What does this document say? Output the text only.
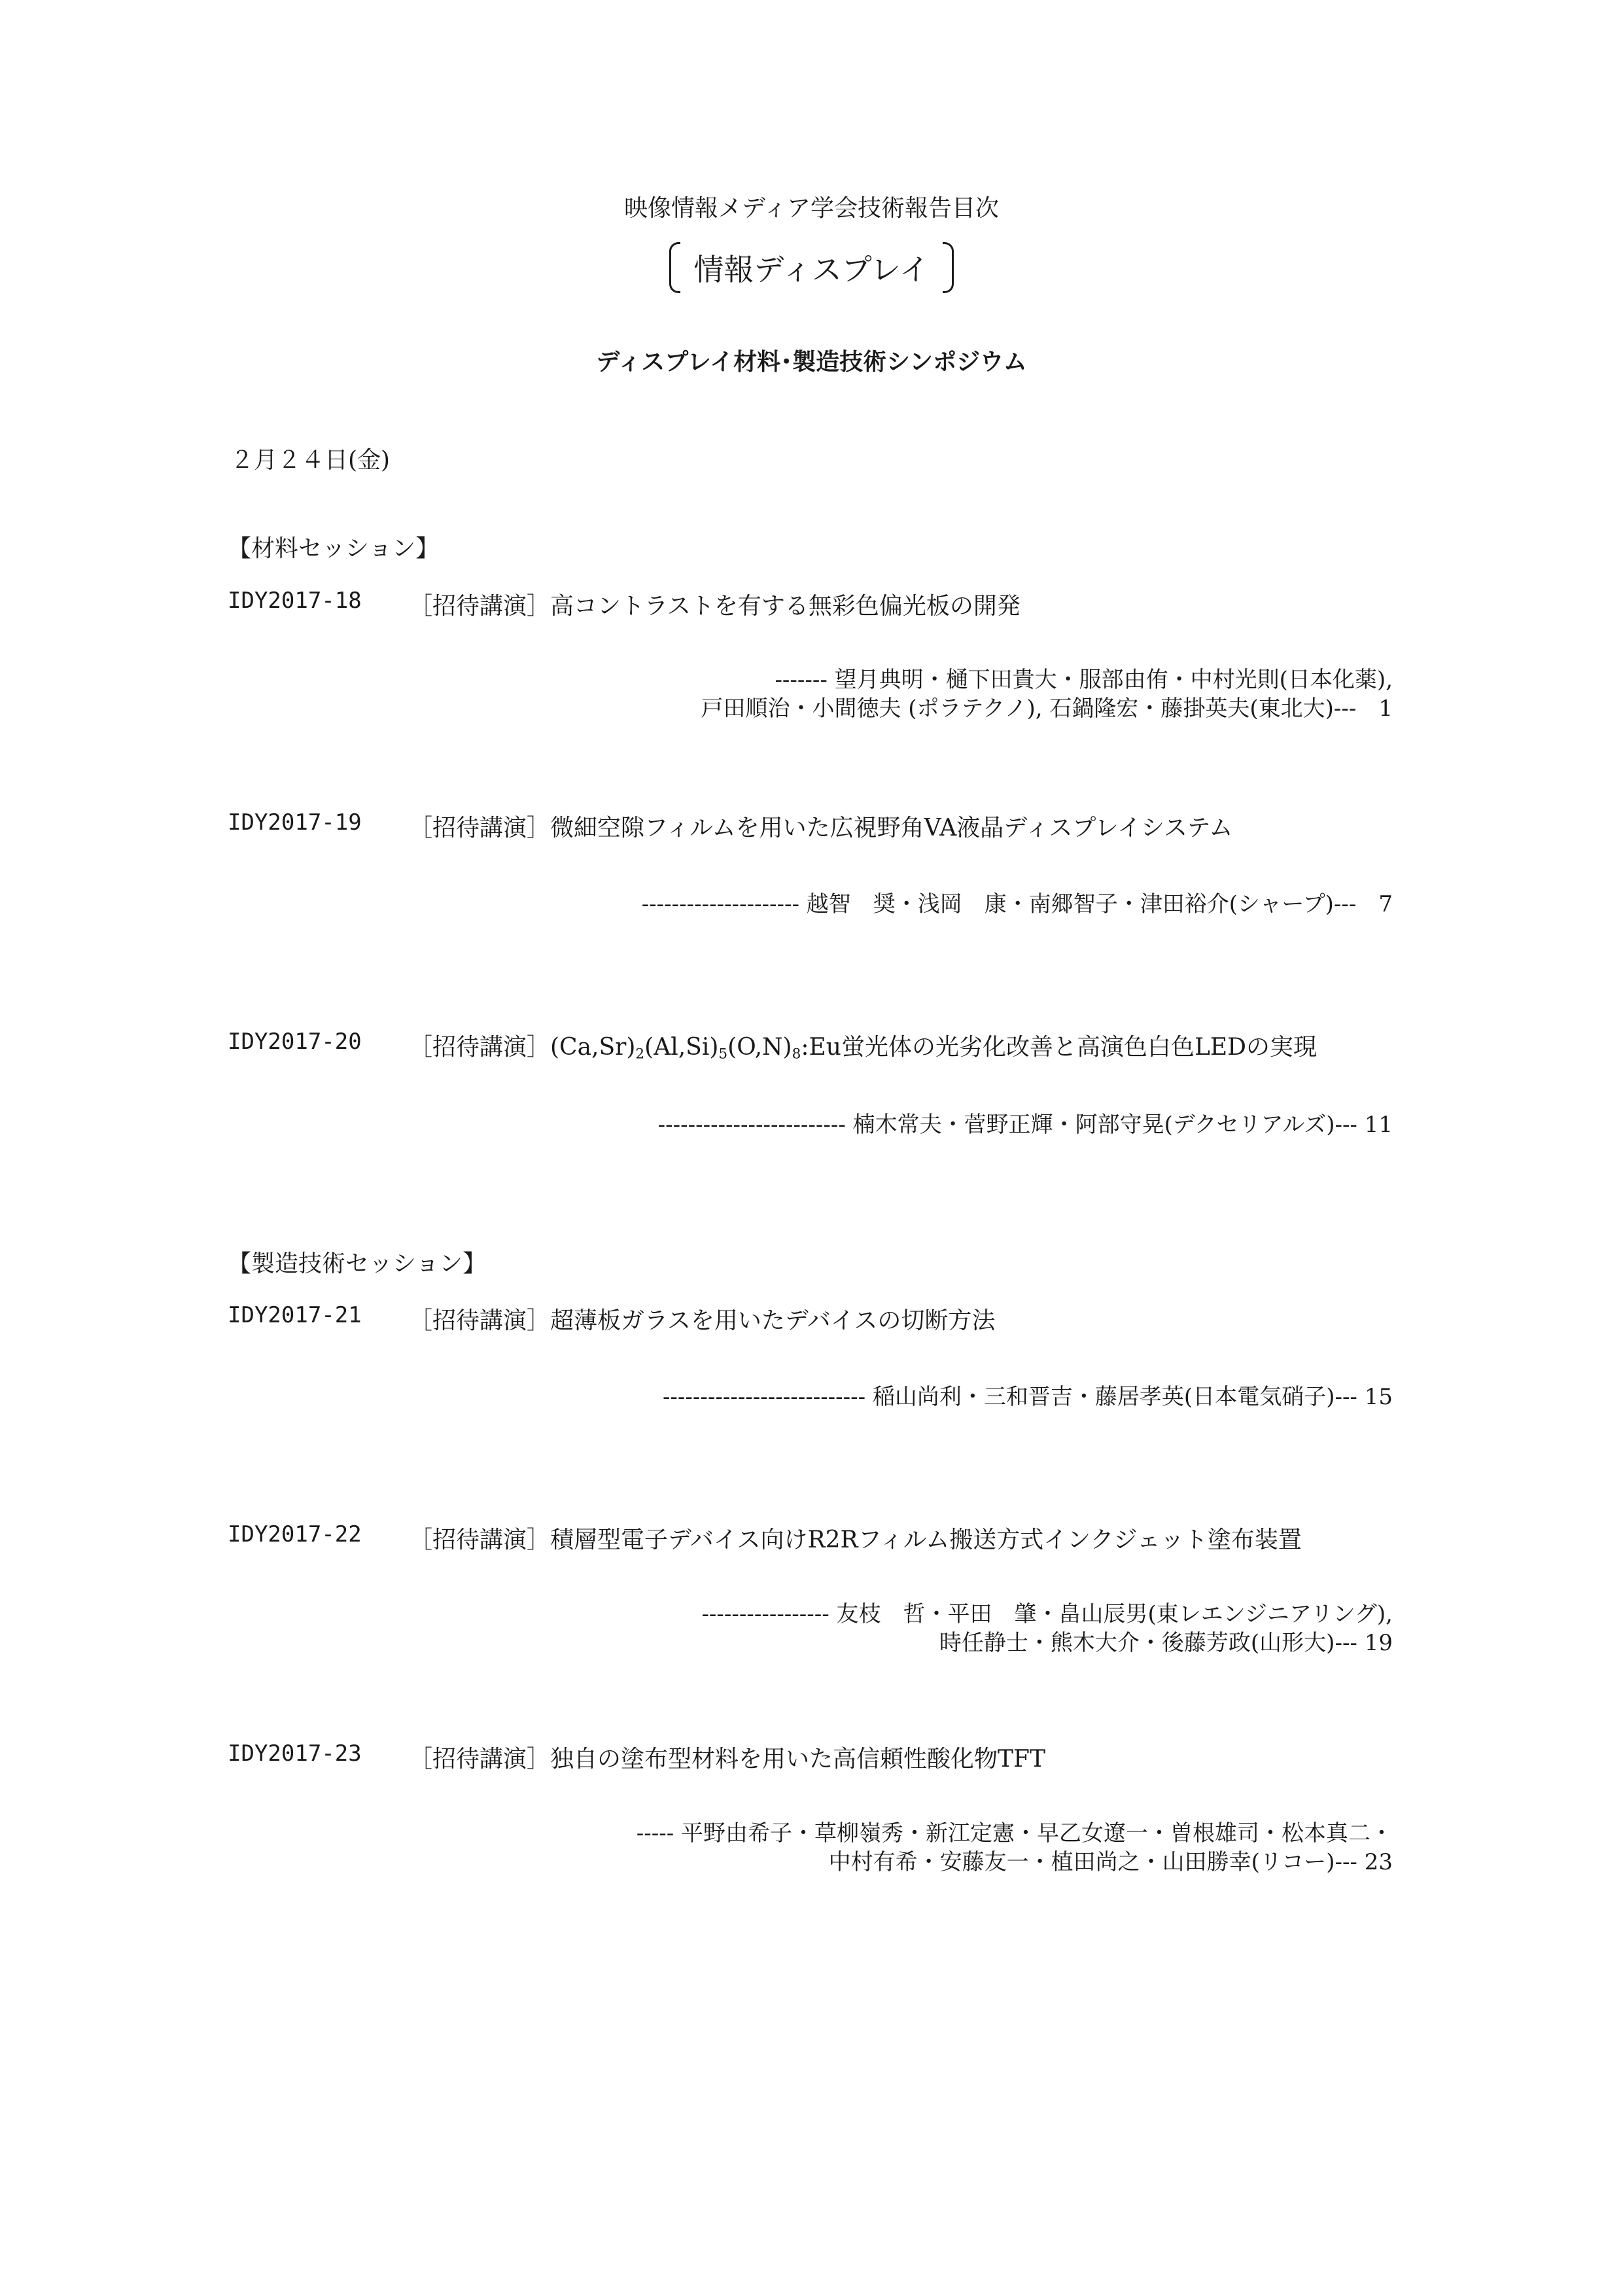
映像情報メディア学会技術報告目次
情報ディスプレイ
ディスプレイ材料･製造技術シンポジウム
２月２４日(金)
【材料セッション】
IDY2017-18 ［招待講演］高コントラストを有する無彩色偏光板の開発
------- 望月典明・樋下田貴大・服部由侑・中村光則(日本化薬),
戸田順治・小間徳夫 (ポラテクノ), 石鍋隆宏・藤掛英夫(東北大)---　1
IDY2017-19 ［招待講演］微細空隙フィルムを用いた広視野角VA液晶ディスプレイシステム
--------------------- 越智　奨・浅岡　康・南郷智子・津田裕介(シャープ)---　7
IDY2017-20 ［招待講演$](Ca,Sr)_2(Al,Si)_5(O,N)_8:Eu$蛍光体の光劣化改善と高演色白色LEDの実現
------------------------- 楠木常夫・菅野正輝・阿部守晃(デクセリアルズ)--- 11
【製造技術セッション】
IDY2017-21 ［招待講演］超薄板ガラスを用いたデバイスの切断方法
--------------------------- 稲山尚利・三和晋吉・藤居孝英(日本電気硝子)--- 15
IDY2017-22 ［招待講演］積層型電子デバイス向けR2Rフィルム搬送方式インクジェット塗布装置
----------------- 友枝　哲・平田　肇・畠山辰男(東レエンジニアリング),
時任静士・熊木大介・後藤芳政(山形大)--- 19
IDY2017-23 ［招待講演］独自の塗布型材料を用いた高信頼性酸化物TFT
----- 平野由希子・草柳嶺秀・新江定憲・早乙女遼一・曽根雄司・松本真二・
中村有希・安藤友一・植田尚之・山田勝幸(リコー)--- 23
